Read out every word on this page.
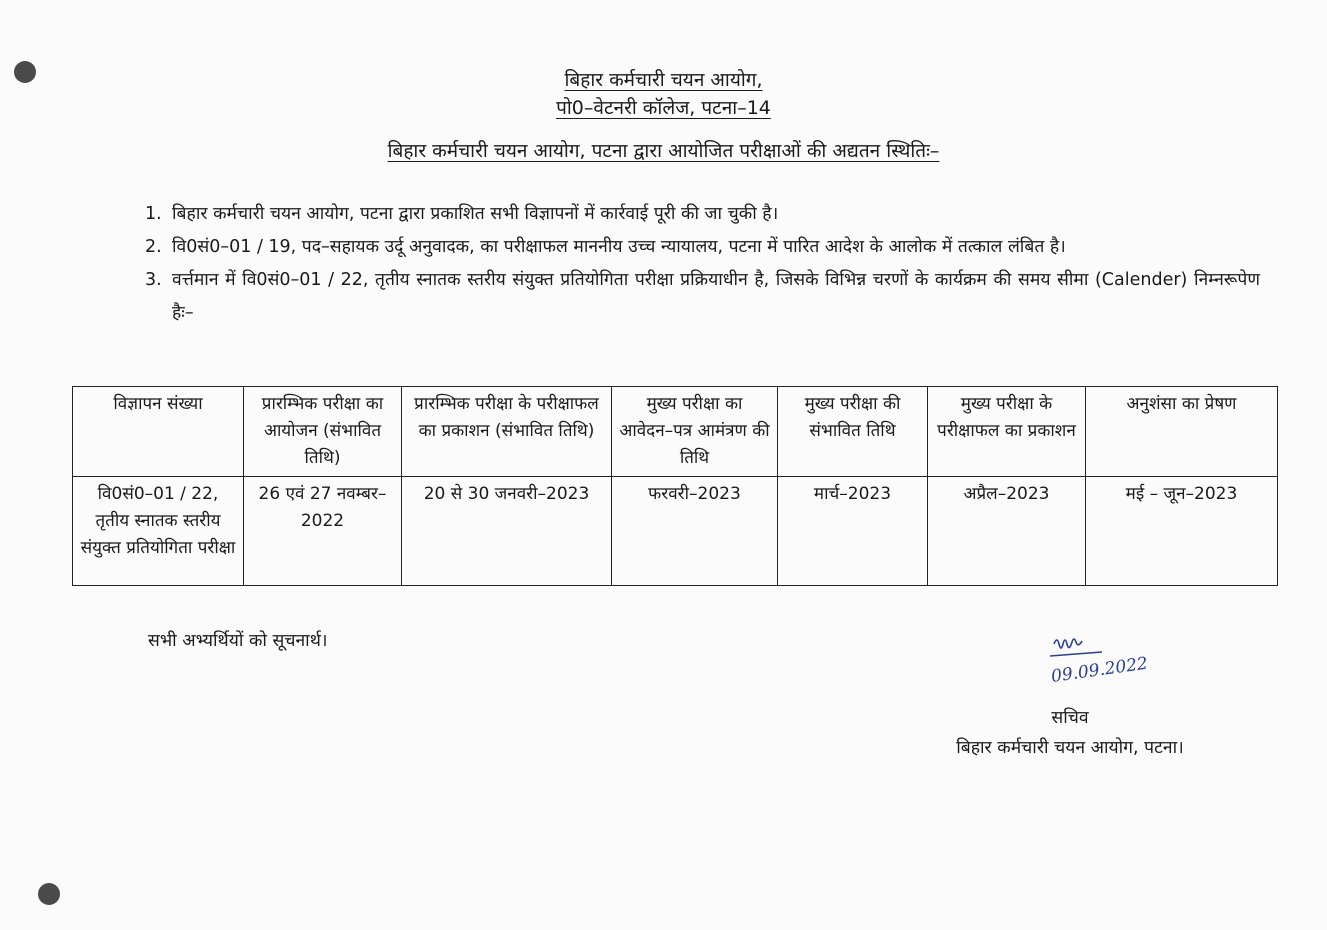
बिहार कर्मचारी चयन आयोग,
पो0–वेटनरी कॉलेज, पटना–14
बिहार कर्मचारी चयन आयोग, पटना द्वारा आयोजित परीक्षाओं की अद्यतन स्थितिः–
1. बिहार कर्मचारी चयन आयोग, पटना द्वारा प्रकाशित सभी विज्ञापनों में कार्रवाई पूरी की जा चुकी है।
2. वि0सं0–01 / 19, पद–सहायक उर्दू अनुवादक, का परीक्षाफल माननीय उच्च न्यायालय, पटना में पारित आदेश के आलोक में तत्काल लंबित है।
3. वर्त्तमान में वि0सं0–01 / 22, तृतीय स्नातक स्तरीय संयुक्त प्रतियोगिता परीक्षा प्रक्रियाधीन है, जिसके विभिन्न चरणों के कार्यक्रम की समय सीमा (Calender) निम्नरूपेण हैः–
विज्ञापन संख्या	प्रारम्भिक परीक्षा का आयोजन (संभावित तिथि)	प्रारम्भिक परीक्षा के परीक्षाफल का प्रकाशन (संभावित तिथि)	मुख्य परीक्षा का आवेदन–पत्र आमंत्रण की तिथि	मुख्य परीक्षा की संभावित तिथि	मुख्य परीक्षा के परीक्षाफल का प्रकाशन	अनुशंसा का प्रेषण
वि0सं0–01 / 22, तृतीय स्नातक स्तरीय संयुक्त प्रतियोगिता परीक्षा	26 एवं 27 नवम्बर–2022	20 से 30 जनवरी–2023	फरवरी–2023	मार्च–2023	अप्रैल–2023	मई – जून–2023
सभी अभ्यर्थियों को सूचनार्थ।
09.09.2022
सचिव
बिहार कर्मचारी चयन आयोग, पटना।
